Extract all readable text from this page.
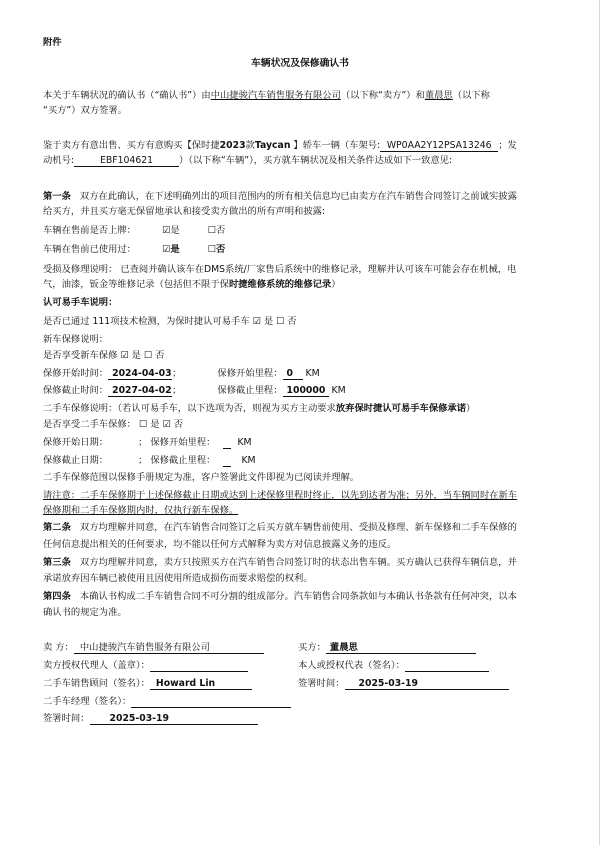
附件
车辆状况及保修确认书
本关于车辆状况的确认书（“确认书”）由中山捷骏汽车销售服务有限公司（以下称“卖方”）和董晨思（以下称
“买方”）双方签署。
鉴于卖方有意出售、买方有意购买【保时捷2023款Taycan 】轿车一辆（车架号: WP0AA2Y12PSA13246 ；发
动机号:	EBF104621	）（以下称“车辆”），买方就车辆状况及相关条件达成如下一致意见:
第一条 双方在此确认，在下述明确列出的项目范围内的所有相关信息均已由卖方在汽车销售合同签订之前诚实披露
给买方，并且买方毫无保留地承认和接受卖方做出的所有声明和披露:
车辆在售前是否上牌：	☑是	☐否
车辆在售前已使用过：	☑是	☐否
受损及修理说明： 已查阅并确认该车在DMS系统/厂家售后系统中的维修记录，理解并认可该车可能会存在机械，电
气，油漆，钣金等维修记录（包括但不限于保时捷维修系统的维修记录）
认可易手车说明：
是否已通过 111项技术检测，为保时捷认可易手车 ☑ 是 ☐ 否
新车保修说明：
是否享受新车保修 ☑ 是 ☐ 否
保修开始时间： 2024-04-03；	保修开始里程： 0 KM
保修截止时间： 2027-04-02；	保修截止里程： 100000 KM
二手车保修说明：（若认可易手车，以下选项为否，则视为买方主动要求放弃保时捷认可易手车保修承诺）
是否享受二手车保修： ☐ 是 ☑ 否
保修开始日期：	； 保修开始里程： KM
保修截止日期：	； 保修截止里程：	KM
二手车保修范围以保修手册规定为准，客户签署此文件即视为已阅读并理解。
请注意：二手车保修期于上述保修截止日期或达到上述保修里程时终止，以先到达者为准；另外，当车辆同时在新车
保修期和二手车保修期内时，仅执行新车保修。
第二条 双方均理解并同意，在汽车销售合同签订之后买方就车辆售前使用、受损及修理、新车保修和二手车保修的
任何信息提出相关的任何要求，均不能以任何方式解释为卖方对信息披露义务的违反。
第三条 双方均理解并同意，卖方只按照买方在汽车销售合同签订时的状态出售车辆。买方确认已获得车辆信息，并
承诺放弃因车辆已被使用且因使用所造成损伤而要求赔偿的权利。
第四条 本确认书构成二手车销售合同不可分割的组成部分。汽车销售合同条款如与本确认书条款有任何冲突，以本
确认书的规定为准。
卖 方： 中山捷骏汽车销售服务有限公司	买方： 董晨思
卖方授权代理人（盖章）：	本人或授权代表（签名）：
二手车销售顾问（签名）： Howard Lin	签署时间： 2025-03-19
二手车经理（签名）：
签署时间： 2025-03-19
